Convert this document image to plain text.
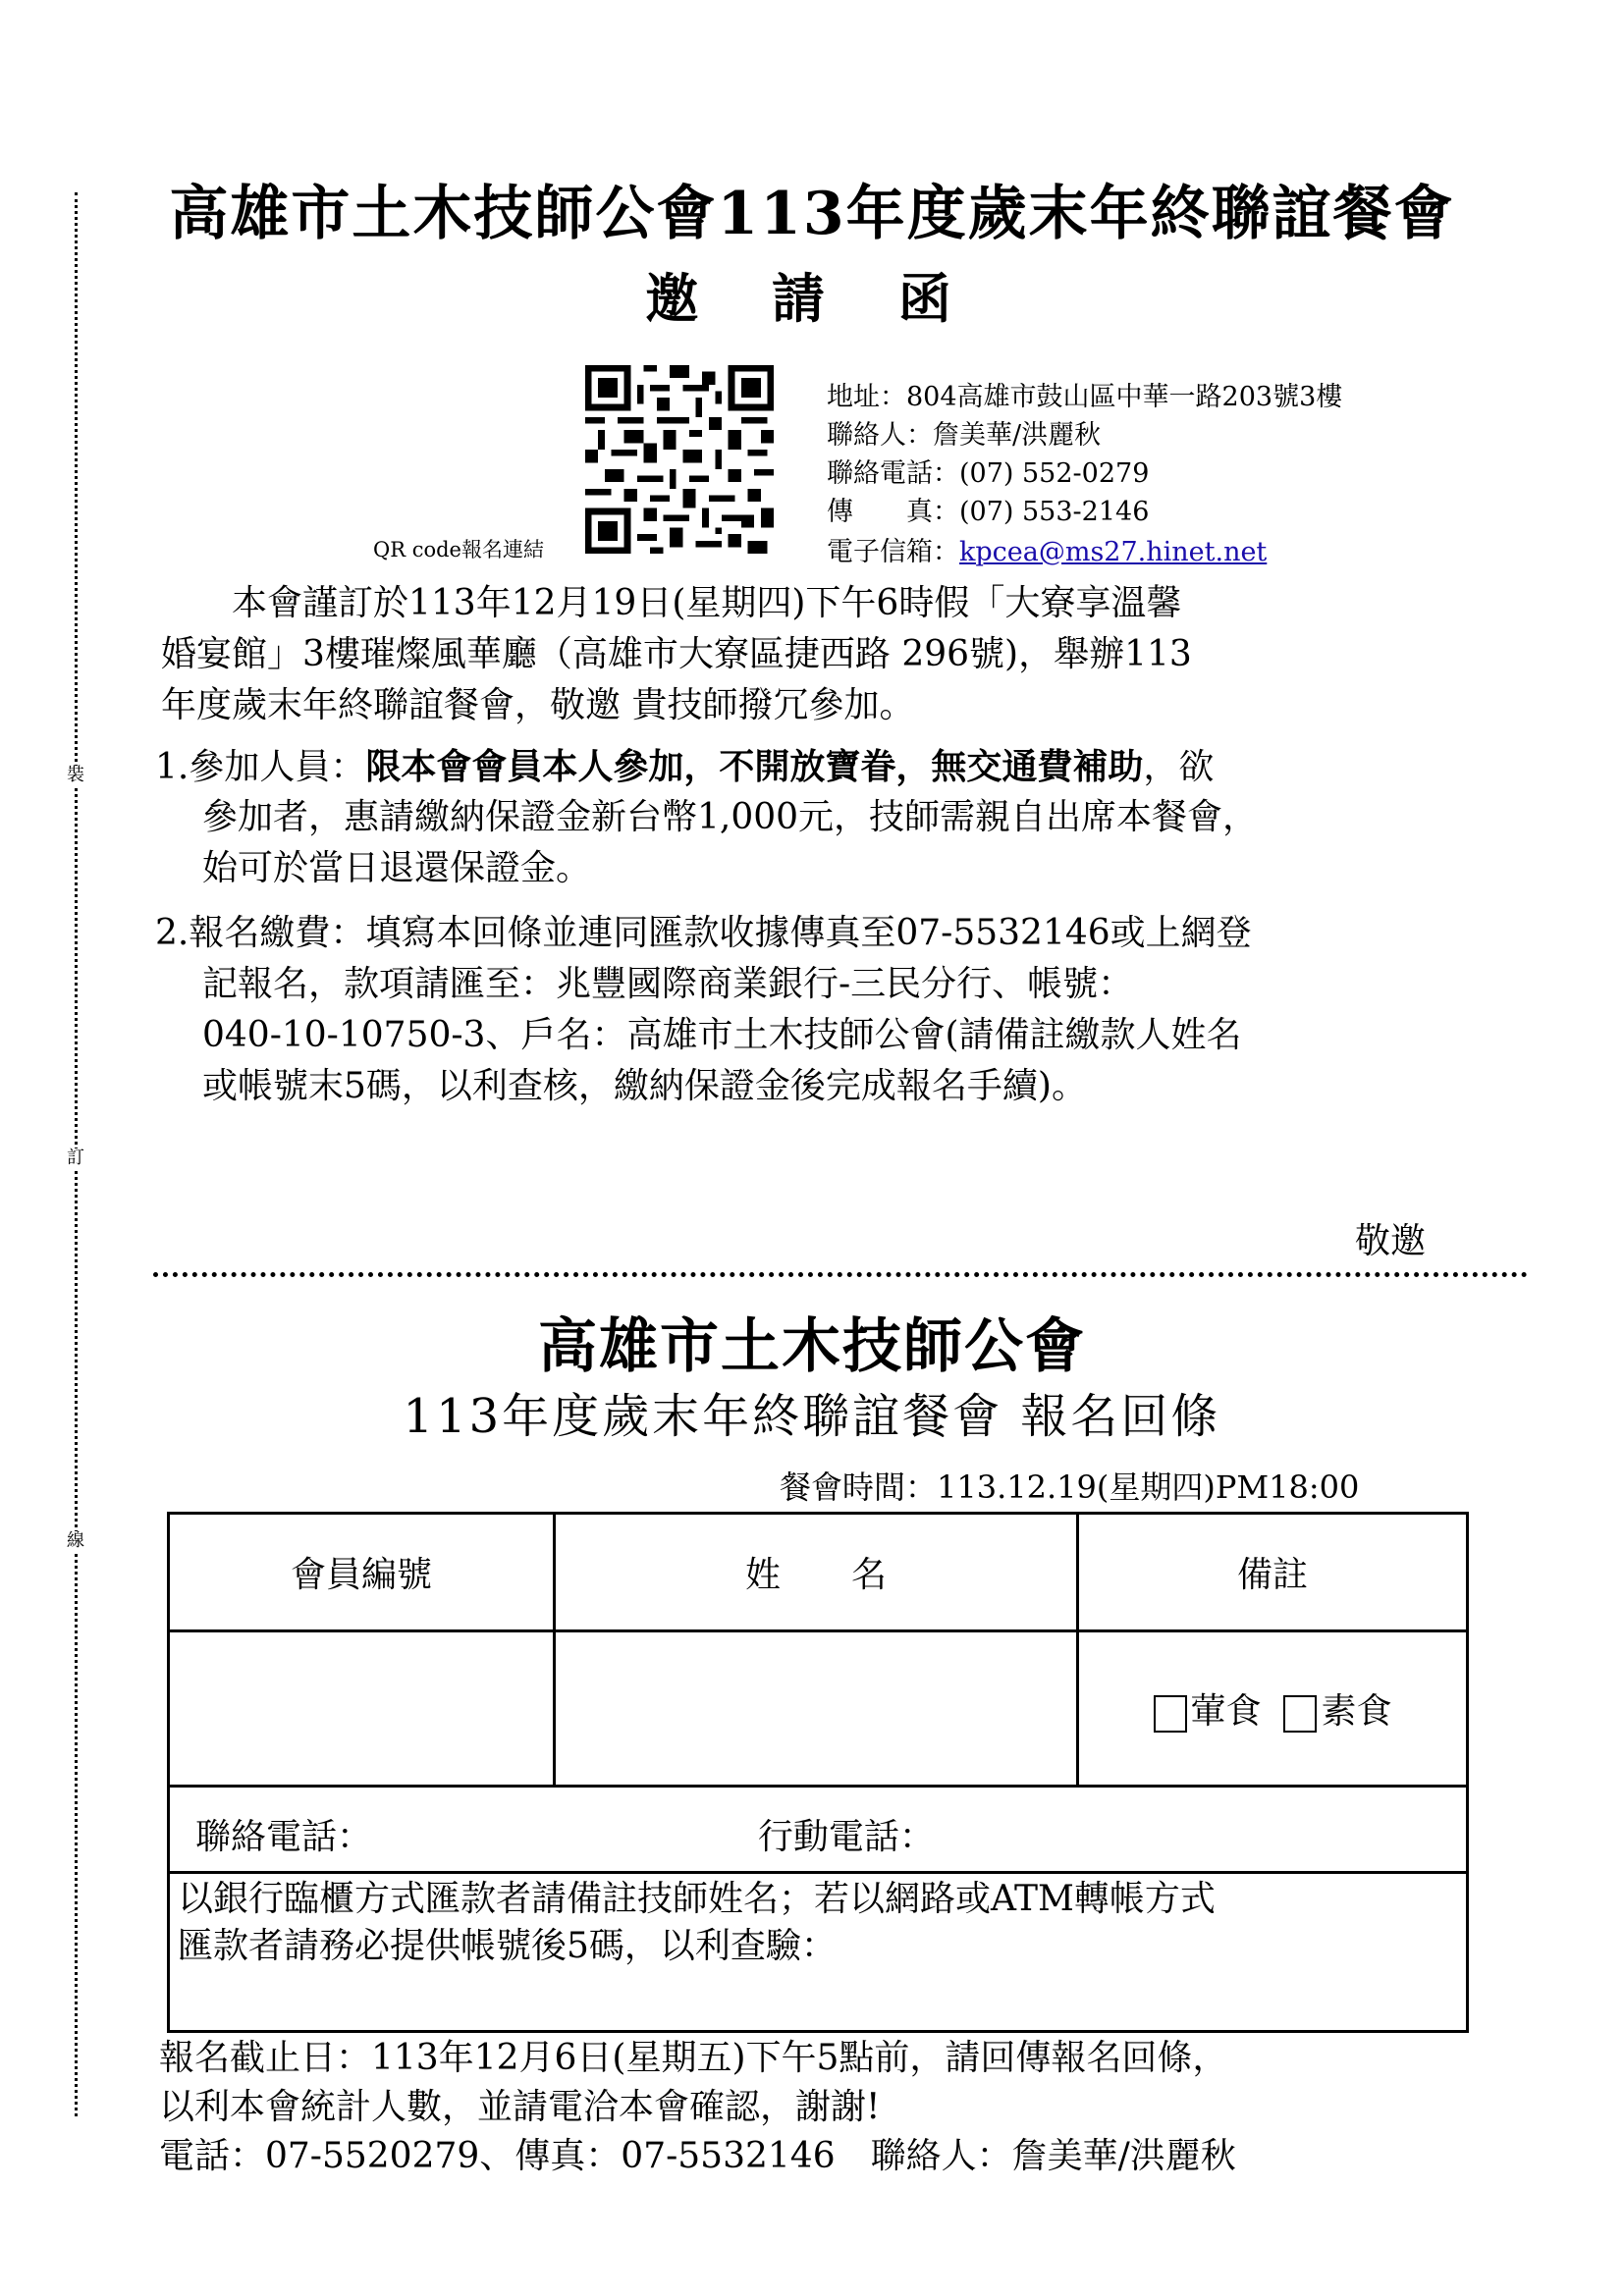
高雄市土木技師公會113年度歲末年終聯誼餐會
邀 請 函
QR code報名連結
地址：804高雄市鼓山區中華一路203號3樓
聯絡人：詹美華/洪麗秋
聯絡電話：(07) 552-0279
傳　　真：(07) 553-2146
電子信箱：kpcea@ms27.hinet.net
　　本會謹訂於113年12月19日(星期四)下午6時假「大寮享溫馨
婚宴館」3樓璀燦風華廳（高雄市大寮區捷西路 296號)，舉辦113
年度歲末年終聯誼餐會，敬邀 貴技師撥冗參加。
1.參加人員：限本會會員本人參加，不開放寶眷，無交通費補助，欲
參加者，惠請繳納保證金新台幣1,000元，技師需親自出席本餐會，
始可於當日退還保證金。
2.報名繳費：填寫本回條並連同匯款收據傳真至07-5532146或上網登
記報名，款項請匯至：兆豐國際商業銀行-三民分行、帳號：
040-10-10750-3、戶名：高雄市土木技師公會(請備註繳款人姓名
或帳號末5碼，以利查核，繳納保證金後完成報名手續)。
敬邀
裝
訂
線
高雄市土木技師公會
113年度歲末年終聯誼餐會 報名回條
餐會時間：113.12.19(星期四)PM18:00
會員編號	姓　　名	備註
		葷食 素食
聯絡電話： 行動電話：		

以銀行臨櫃方式匯款者請備註技師姓名；若以網路或ATM轉帳方式
匯款者請務必提供帳號後5碼，以利查驗：		
報名截止日：113年12月6日(星期五)下午5點前，請回傳報名回條，
以利本會統計人數，並請電洽本會確認，謝謝!
電話：07-5520279、傳真：07-5532146　聯絡人：詹美華/洪麗秋
